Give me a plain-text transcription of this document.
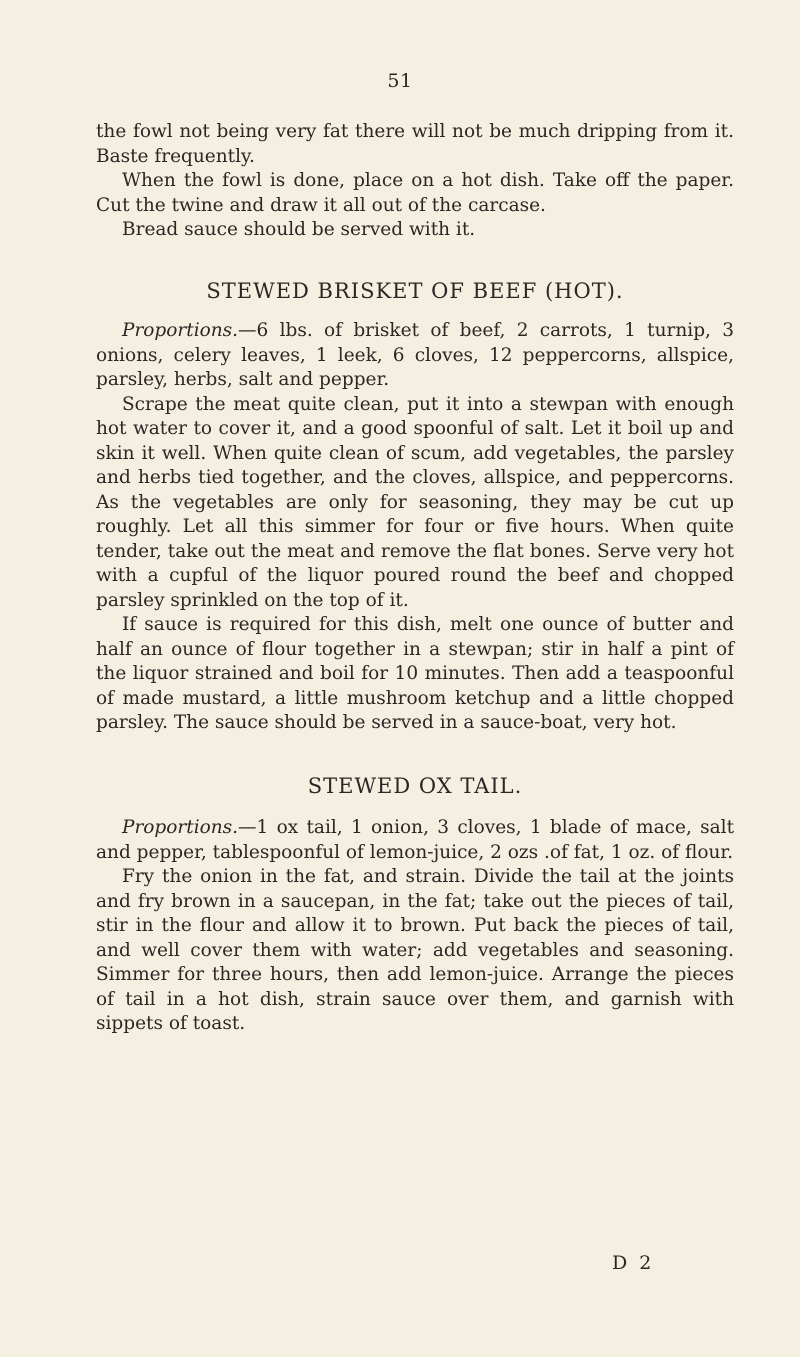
51

the fowl not being very fat there will not be much dripping from it. Baste frequently.

When the fowl is done, place on a hot dish. Take off the paper. Cut the twine and draw it all out of the carcase.

Bread sauce should be served with it.

STEWED BRISKET OF BEEF (HOT).

Proportions.—6 lbs. of brisket of beef, 2 carrots, 1 turnip, 3 onions, celery leaves, 1 leek, 6 cloves, 12 peppercorns, allspice, parsley, herbs, salt and pepper.

Scrape the meat quite clean, put it into a stewpan with enough hot water to cover it, and a good spoonful of salt. Let it boil up and skin it well. When quite clean of scum, add vegetables, the parsley and herbs tied together, and the cloves, allspice, and peppercorns. As the vegetables are only for seasoning, they may be cut up roughly. Let all this simmer for four or five hours. When quite tender, take out the meat and remove the flat bones. Serve very hot with a cupful of the liquor poured round the beef and chopped parsley sprinkled on the top of it.

If sauce is required for this dish, melt one ounce of butter and half an ounce of flour together in a stewpan; stir in half a pint of the liquor strained and boil for 10 minutes. Then add a teaspoonful of made mustard, a little mushroom ketchup and a little chopped parsley. The sauce should be served in a sauce-boat, very hot.

STEWED OX TAIL.

Proportions.—1 ox tail, 1 onion, 3 cloves, 1 blade of mace, salt and pepper, tablespoonful of lemon-juice, 2 ozs .of fat, 1 oz. of flour.

Fry the onion in the fat, and strain. Divide the tail at the joints and fry brown in a saucepan, in the fat; take out the pieces of tail, stir in the flour and allow it to brown. Put back the pieces of tail, and well cover them with water; add vegetables and seasoning. Simmer for three hours, then add lemon-juice. Arrange the pieces of tail in a hot dish, strain sauce over them, and garnish with sippets of toast.

D 2
